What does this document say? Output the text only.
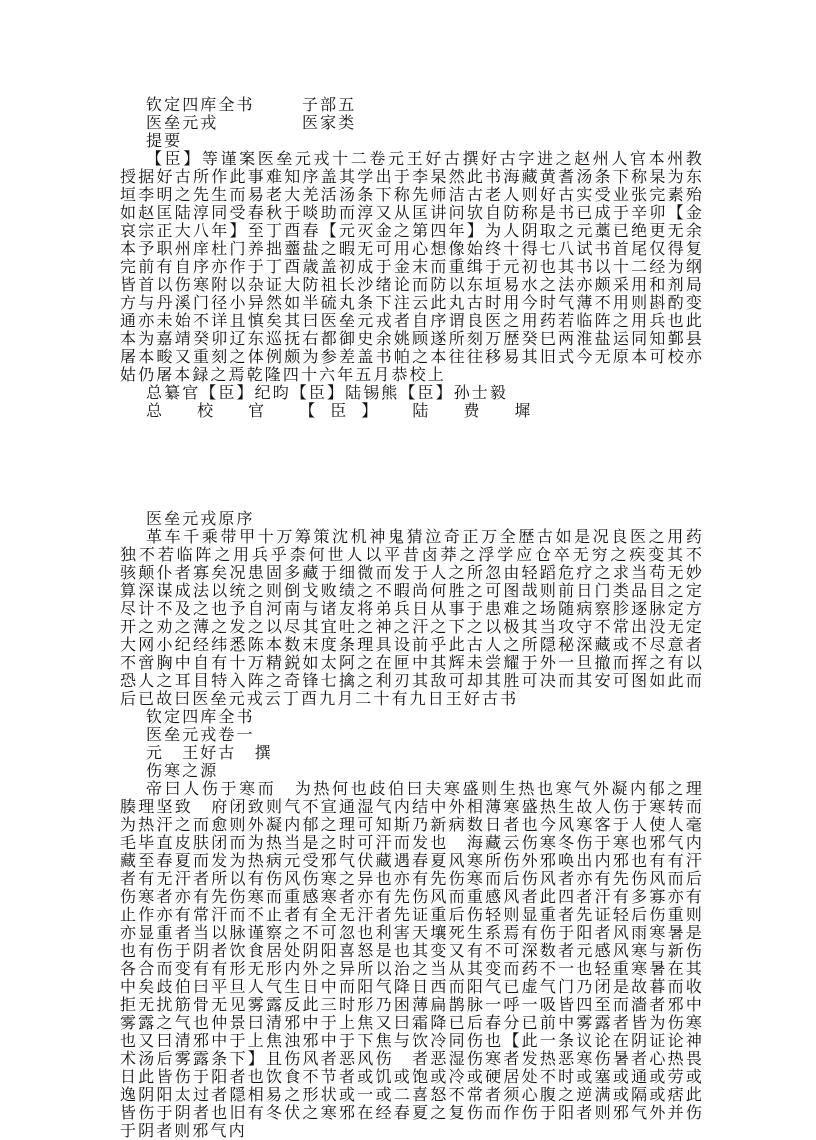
钦定四库全书	子部五
医垒元戎	医家类
提要

【臣】等谨案医垒元戎十二卷元王好古撰好古字进之赵州人官本州教授据好古所作此事难知序盖其学出于李杲然此书海藏黄耆汤条下称杲为东垣李明之先生而易老大羌活汤条下称先师洁古老人则好古实受业张完素殆如赵匡陆淳同受春秋于啖助而淳又从匡讲问欤自防称是书已成于辛卯【金哀宗正大八年】至丁酉春【元灭金之第四年】为人阴取之元藁已绝更无余本予职州庠杜门养拙虀盐之暇无可用心想像始终十得七八试书首尾仅得复完前有自序亦作于丁酉歳盖初成于金末而重缉于元初也其书以十二经为纲皆首以伤寒附以杂证大防祖长沙绪论而防以东垣易水之法亦颇采用和剂局方与丹溪门径小异然如半硫丸条下注云此丸古时用今时气薄不用则斟酌变通亦未始不详且慎矣其曰医垒元戎者自序谓良医之用药若临阵之用兵也此本为嘉靖癸卯辽东巡抚右都御史余姚顾遂所刻万歴癸巳两淮盐运同知鄞县屠本畯又重刻之体例颇为参差盖书帕之本往往移易其旧式今无原本可校亦姑仍屠本録之焉乾隆四十六年五月恭校上

总纂官【臣】纪昀【臣】陆锡熊【臣】孙士毅
总 校 官 【臣】 陆 费 墀
医垒元戎原序

革车千乘带甲十万筹策沈机神鬼猜泣奇正万全歴古如是况良医之用药独不若临阵之用兵乎柰何世人以平昔卤莽之浮学应仓卒无穷之疾变其不　骇颠仆者寡矣况患固多藏于细微而发于人之所忽由轻蹈危疗之求当苟无妙算深谋成法以统之则倒戈败绩之不暇尚何胜之可图哉则前日门类品目之定尽计不及之也予自河南与诸友将弟兵日从事于患难之场随病察胗逐脉定方开之劝之薄之发之以尽其宜吐之神之汗之下之以极其当攻守不常出没无定大网小纪经纬悉陈本数末度条理具设前乎此古人之所隠秘深藏或不尽意者不啻胸中自有十万精鋭如太阿之在匣中其辉未尝耀于外一旦撤而挥之有以恐人之耳目特入阵之奇锋七擒之利刃其敌可却其胜可决而其安可图如此而后已故曰医垒元戎云丁酉九月二十有九日王好古书

钦定四库全书
医垒元戎卷一
元　王好古　撰
伤寒之源

帝曰人伤于寒而　为热何也歧伯曰夫寒盛则生热也寒气外凝内郁之理腠理坚致　府闭致则气不宣通湿气内结中外相薄寒盛热生故人伤于寒转而为热汗之而愈则外凝内郁之理可知斯乃新病数日者也今风寒客于人使人毫毛毕直皮肤闭而为热当是之时可汗而发也　海藏云伤寒冬伤于寒也邪气内藏至春夏而发为热病元受邪气伏藏遇春夏风寒所伤外邪唤出内邪也有有汗者有无汗者所以有伤风伤寒之异也亦有先伤寒而后伤风者亦有先伤风而后伤寒者亦有先伤寒而重感寒者亦有先伤风而重感风者此四者汗有多寡亦有止作亦有常汗而不止者有全无汗者先证重后伤轻则显重者先证轻后伤重则亦显重者当以脉谨察之不可忽也利害天壤死生系焉有伤于阳者风雨寒暑是也有伤于阴者饮食居处阴阳喜怒是也其变又有不可深数者元感风寒与新伤各合而变有有形无形内外之异所以治之当从其变而药不一也轻重寒暑在其中矣歧伯曰平旦人气生日中而阳气降日西而阳气已虚气门乃闭是故暮而收拒无扰筋骨无见雾露反此三时形乃困薄扁鹊脉一呼一吸皆四至而濇者邪中雾露之气也仲景曰清邪中于上焦又曰霜降已后春分已前中雾露者皆为伤寒也又曰清邪中于上焦浊邪中于下焦与饮冷同伤也【此一条议论在阴证论神术汤后雾露条下】且伤风者恶风伤　者恶湿伤寒者发热恶寒伤暑者心热畏日此皆伤于阳者也饮食不节者或饥或饱或冷或硬居处不时或塞或通或劳或逸阴阳太过者隠相易之形状或一或二喜怒不常者须心腹之逆满或隔或痞此皆伤于阴者也旧有冬伏之寒邪在经春夏之复伤而作伤于阳者则邪气外并伤于阴者则邪气内
